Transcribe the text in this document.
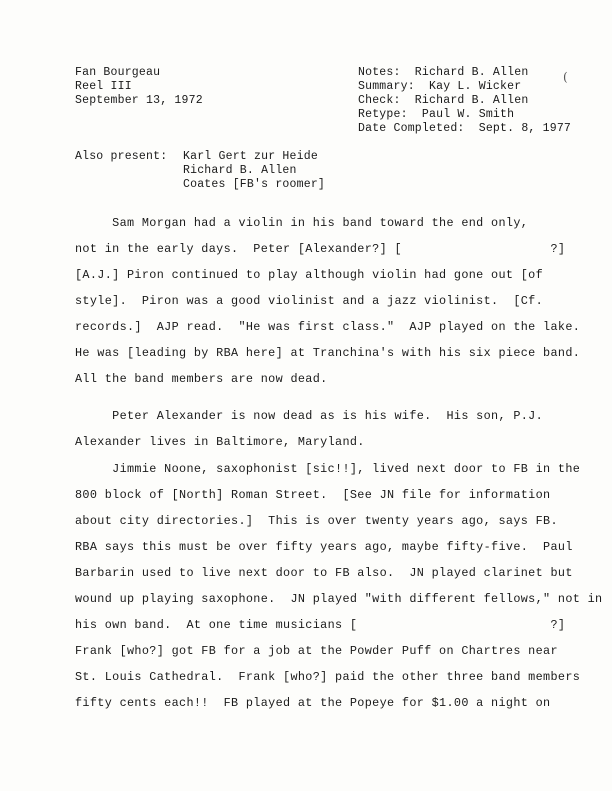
Fan Bourgeau
Reel III
September 13, 1972
Notes:  Richard B. Allen
Summary:  Kay L. Wicker
Check:  Richard B. Allen
Retype:  Paul W. Smith
Date Completed:  Sept. 8, 1977
(
Also present: Karl Gert zur Heide
Richard B. Allen
Coates [FB's roomer]
Sam Morgan had a violin in his band toward the end only,
not in the early days.  Peter [Alexander?] [                    ?]
[A.J.] Piron continued to play although violin had gone out [of
style].  Piron was a good violinist and a jazz violinist.  [Cf.
records.]  AJP read.  "He was first class."  AJP played on the lake.
He was [leading by RBA here] at Tranchina's with his six piece band.
All the band members are now dead.
Peter Alexander is now dead as is his wife.  His son, P.J.
Alexander lives in Baltimore, Maryland.
Jimmie Noone, saxophonist [sic!!], lived next door to FB in the
800 block of [North] Roman Street.  [See JN file for information
about city directories.]  This is over twenty years ago, says FB.
RBA says this must be over fifty years ago, maybe fifty-five.  Paul
Barbarin used to live next door to FB also.  JN played clarinet but
wound up playing saxophone.  JN played "with different fellows," not in
his own band.  At one time musicians [                          ?]
Frank [who?] got FB for a job at the Powder Puff on Chartres near
St. Louis Cathedral.  Frank [who?] paid the other three band members
fifty cents each!!  FB played at the Popeye for $1.00 a night on
